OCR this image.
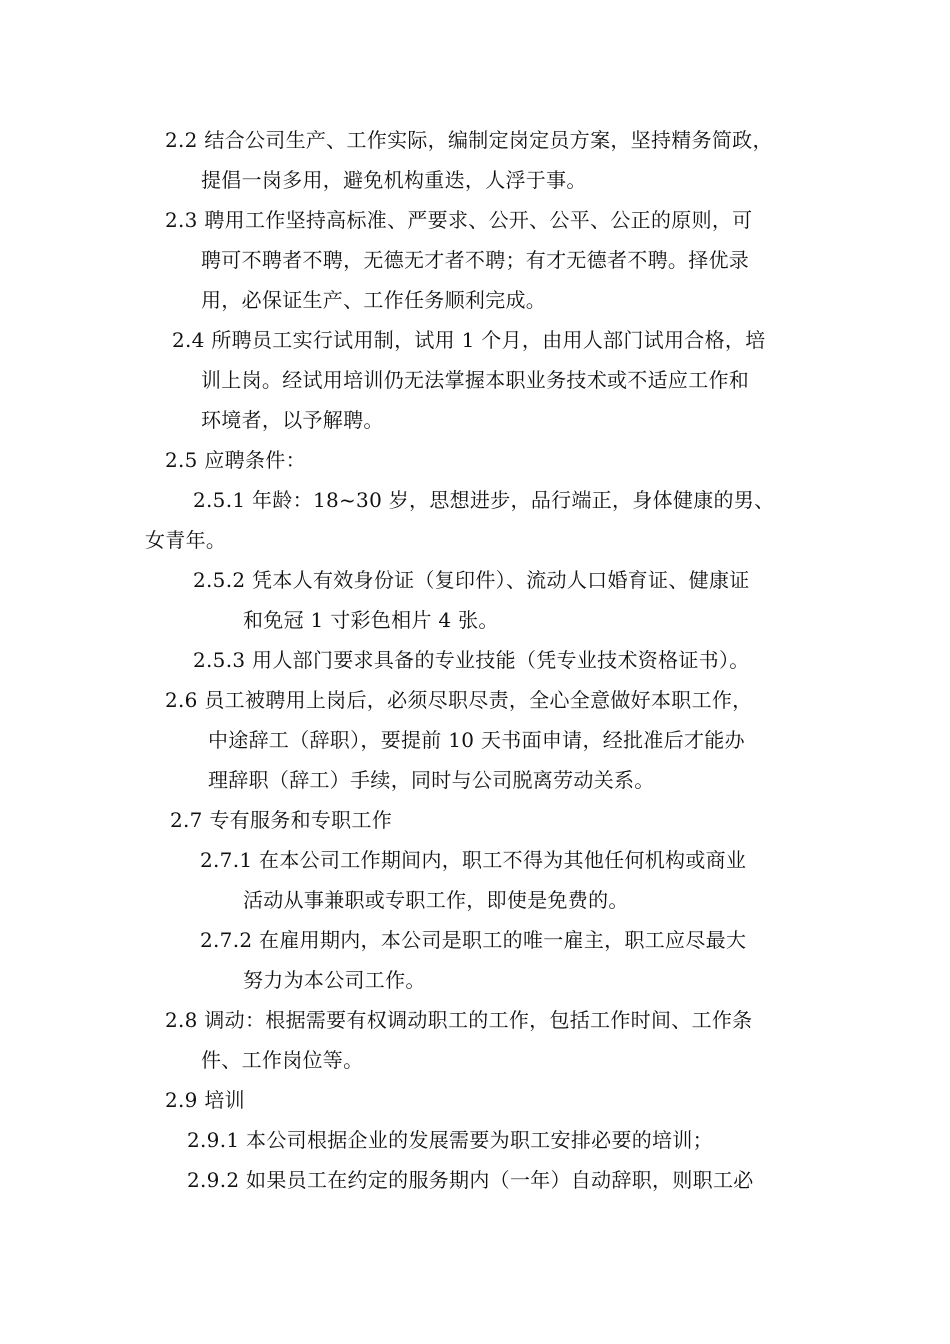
2.2 结合公司生产、工作实际，编制定岗定员方案，坚持精务简政，
提倡一岗多用，避免机构重迭，人浮于事。
2.3 聘用工作坚持高标准、严要求、公开、公平、公正的原则，可
聘可不聘者不聘，无德无才者不聘；有才无德者不聘。择优录
用，必保证生产、工作任务顺利完成。
2.4 所聘员工实行试用制，试用 1 个月，由用人部门试用合格，培
训上岗。经试用培训仍无法掌握本职业务技术或不适应工作和
环境者，以予解聘。
2.5 应聘条件：
2.5.1 年龄：18~30 岁，思想进步，品行端正，身体健康的男、
女青年。
2.5.2 凭本人有效身份证（复印件）、流动人口婚育证、健康证
和免冠 1 寸彩色相片 4 张。
2.5.3 用人部门要求具备的专业技能（凭专业技术资格证书）。
2.6 员工被聘用上岗后，必须尽职尽责，全心全意做好本职工作，
中途辞工（辞职），要提前 10 天书面申请，经批准后才能办
理辞职（辞工）手续，同时与公司脱离劳动关系。
2.7 专有服务和专职工作
2.7.1 在本公司工作期间内，职工不得为其他任何机构或商业
活动从事兼职或专职工作，即使是免费的。
2.7.2 在雇用期内，本公司是职工的唯一雇主，职工应尽最大
努力为本公司工作。
2.8 调动：根据需要有权调动职工的工作，包括工作时间、工作条
件、工作岗位等。
2.9 培训
2.9.1 本公司根据企业的发展需要为职工安排必要的培训；
2.9.2 如果员工在约定的服务期内（一年）自动辞职，则职工必
